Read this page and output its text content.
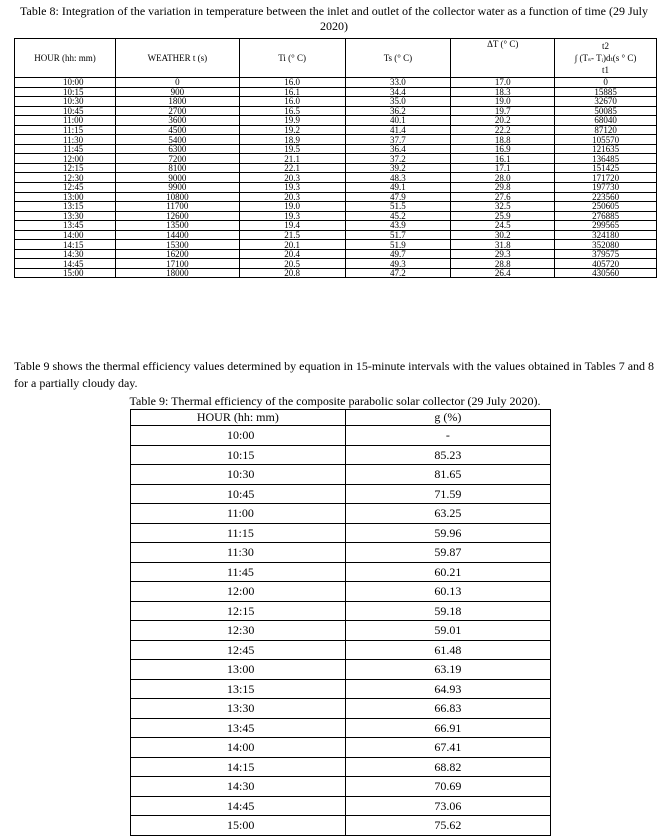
Table 8: Integration of the variation in temperature between the inlet and outlet of the collector water as a function of time (29 July 2020)
HOUR (hh: mm)	WEATHER t (s)	Ti (° C)	Ts (° C)	ΔT (° C)	t2
∫ (Tₛ- Tᵢ)dₜ(s ° C)
t1

10:00	0	16.0	33.0	17.0	0
10:15	900	16.1	34.4	18.3	15885
10:30	1800	16.0	35.0	19.0	32670
10:45	2700	16.5	36.2	19.7	50085
11:00	3600	19.9	40.1	20.2	68040
11:15	4500	19.2	41.4	22.2	87120
11:30	5400	18.9	37.7	18.8	105570
11:45	6300	19.5	36.4	16.9	121635
12:00	7200	21.1	37.2	16.1	136485
12:15	8100	22.1	39.2	17.1	151425
12:30	9000	20.3	48.3	28.0	171720
12:45	9900	19.3	49.1	29.8	197730
13:00	10800	20.3	47.9	27.6	223560
13:15	11700	19.0	51.5	32.5	250605
13:30	12600	19.3	45.2	25.9	276885
13:45	13500	19.4	43.9	24.5	299565
14:00	14400	21.5	51.7	30.2	324180
14:15	15300	20.1	51.9	31.8	352080
14:30	16200	20.4	49.7	29.3	379575
14:45	17100	20.5	49.3	28.8	405720
15:00	18000	20.8	47.2	26.4	430560
Table 9 shows the thermal efficiency values determined by equation in 15-minute intervals with the values obtained in Tables 7 and 8 for a partially cloudy day.
Table 9: Thermal efficiency of the composite parabolic solar collector (29 July 2020).
HOUR (hh: mm)	g (%)
10:00	-
10:15	85.23
10:30	81.65
10:45	71.59
11:00	63.25
11:15	59.96
11:30	59.87
11:45	60.21
12:00	60.13
12:15	59.18
12:30	59.01
12:45	61.48
13:00	63.19
13:15	64.93
13:30	66.83
13:45	66.91
14:00	67.41
14:15	68.82
14:30	70.69
14:45	73.06
15:00	75.62
